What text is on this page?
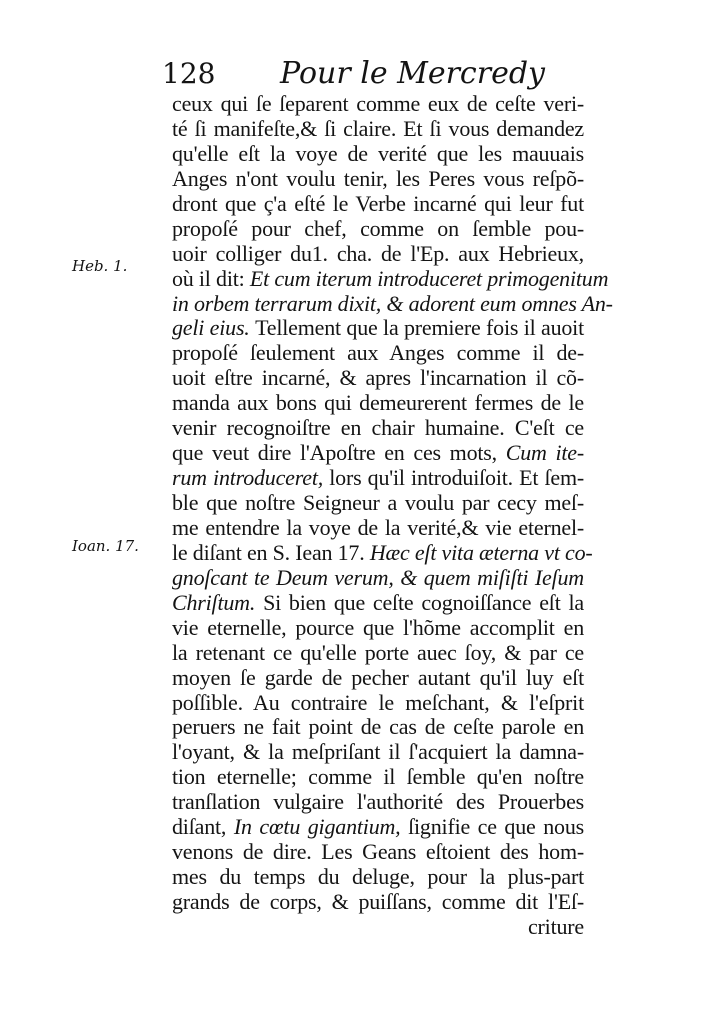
128 Pour le Mercredy
Heb. 1.
Ioan. 17.
ceux qui ſe ſeparent comme eux de ceſte veri-
té ſi manifeſte,& ſi claire. Et ſi vous demandez
qu'elle eſt la voye de verité que les mauuais
Anges n'ont voulu tenir, les Peres vous reſpõ-
dront que ç'a eſté le Verbe incarné qui leur fut
propoſé pour chef, comme on ſemble pou-
uoir colliger du1. cha. de l'Ep. aux Hebrieux,
où il dit: Et cum iterum introduceret primogenitum
in orbem terrarum dixit, & adorent eum omnes An-
geli eius. Tellement que la premiere fois il auoit
propoſé ſeulement aux Anges comme il de-
uoit eſtre incarné, & apres l'incarnation il cõ-
manda aux bons qui demeurerent fermes de le
venir recognoiſtre en chair humaine. C'eſt ce
que veut dire l'Apoſtre en ces mots, Cum ite-
rum introduceret, lors qu'il introduiſoit. Et ſem-
ble que noſtre Seigneur a voulu par cecy meſ-
me entendre la voye de la verité,& vie eternel-
le diſant en S. Iean 17. Hæc eſt vita æterna vt co-
gnoſcant te Deum verum, & quem miſiſti Ieſum
Chriſtum. Si bien que ceſte cognoiſſance eſt la
vie eternelle, pource que l'hõme accomplit en
la retenant ce qu'elle porte auec ſoy, & par ce
moyen ſe garde de pecher autant qu'il luy eſt
poſſible. Au contraire le meſchant, & l'eſprit
peruers ne fait point de cas de ceſte parole en
l'oyant, & la meſpriſant il ſ'acquiert la damna-
tion eternelle; comme il ſemble qu'en noſtre
tranſlation vulgaire l'authorité des Prouerbes
diſant, In cœtu gigantium, ſignifie ce que nous
venons de dire. Les Geans eſtoient des hom-
mes du temps du deluge, pour la plus-part
grands de corps, & puiſſans, comme dit l'Eſ-
criture
